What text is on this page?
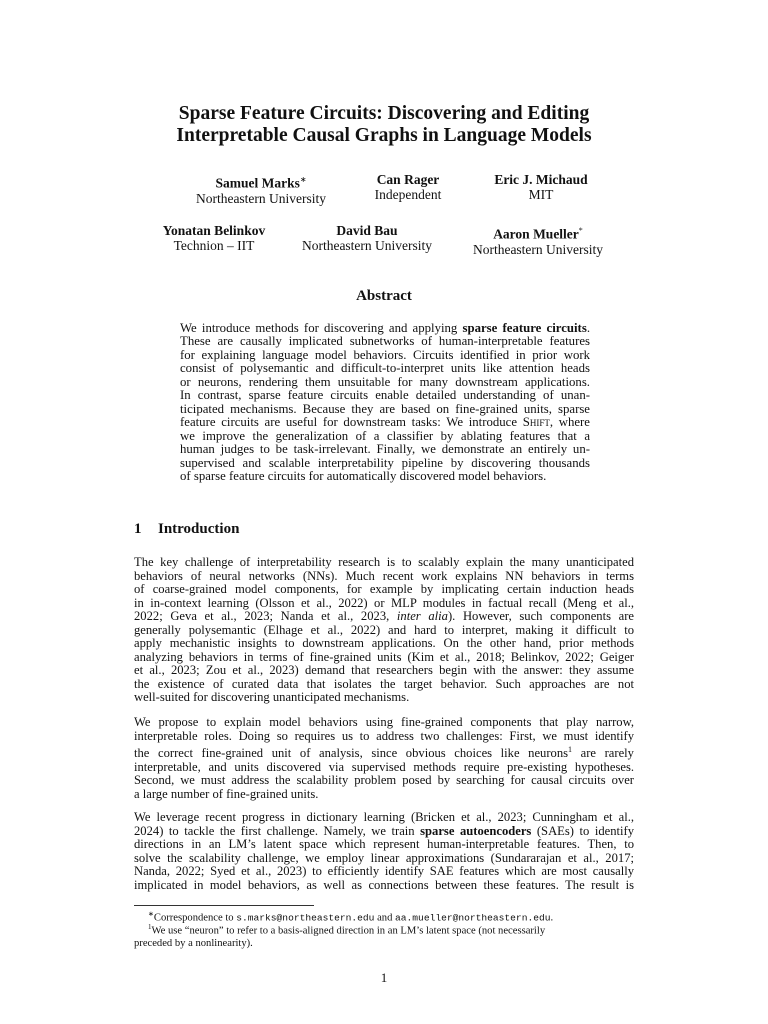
Sparse Feature Circuits: Discovering and Editing
Interpretable Causal Graphs in Language Models
Samuel Marks∗
Northeastern University
Can Rager
Independent
Eric J. Michaud
MIT
Yonatan Belinkov
Technion – IIT
David Bau
Northeastern University
Aaron Mueller*
Northeastern University
Abstract
We introduce methods for discovering and applying sparse feature circuits.
These are causally implicated subnetworks of human-interpretable features
for explaining language model behaviors. Circuits identified in prior work
consist of polysemantic and difficult-to-interpret units like attention heads
or neurons, rendering them unsuitable for many downstream applications.
In contrast, sparse feature circuits enable detailed understanding of unan-
ticipated mechanisms. Because they are based on fine-grained units, sparse
feature circuits are useful for downstream tasks: We introduce Shift, where
we improve the generalization of a classifier by ablating features that a
human judges to be task-irrelevant. Finally, we demonstrate an entirely un-
supervised and scalable interpretability pipeline by discovering thousands
of sparse feature circuits for automatically discovered model behaviors.
1 Introduction
The key challenge of interpretability research is to scalably explain the many unanticipated
behaviors of neural networks (NNs). Much recent work explains NN behaviors in terms
of coarse-grained model components, for example by implicating certain induction heads
in in-context learning (Olsson et al., 2022) or MLP modules in factual recall (Meng et al.,
2022; Geva et al., 2023; Nanda et al., 2023, inter alia). However, such components are
generally polysemantic (Elhage et al., 2022) and hard to interpret, making it difficult to
apply mechanistic insights to downstream applications. On the other hand, prior methods
analyzing behaviors in terms of fine-grained units (Kim et al., 2018; Belinkov, 2022; Geiger
et al., 2023; Zou et al., 2023) demand that researchers begin with the answer: they assume
the existence of curated data that isolates the target behavior. Such approaches are not
well-suited for discovering unanticipated mechanisms.
We propose to explain model behaviors using fine-grained components that play narrow,
interpretable roles. Doing so requires us to address two challenges: First, we must identify
the correct fine-grained unit of analysis, since obvious choices like neurons$^1$ are rarely
interpretable, and units discovered via supervised methods require pre-existing hypotheses.
Second, we must address the scalability problem posed by searching for causal circuits over
a large number of fine-grained units.
We leverage recent progress in dictionary learning (Bricken et al., 2023; Cunningham et al.,
2024) to tackle the first challenge. Namely, we train sparse autoencoders (SAEs) to identify
directions in an LM’s latent space which represent human-interpretable features. Then, to
solve the scalability challenge, we employ linear approximations (Sundararajan et al., 2017;
Nanda, 2022; Syed et al., 2023) to efficiently identify SAE features which are most causally
implicated in model behaviors, as well as connections between these features. The result is
∗Correspondence to s.marks@northeastern.edu and aa.mueller@northeastern.edu.
$^1$We use “neuron” to refer to a basis-aligned direction in an LM’s latent space (not necessarily
preceded by a nonlinearity).
1
